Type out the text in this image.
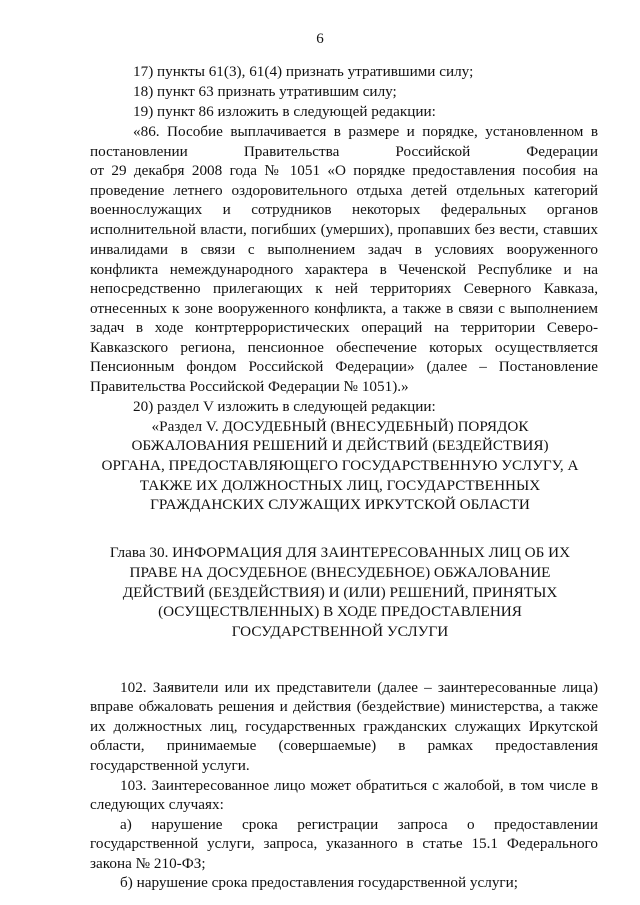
6
17) пункты 61(3), 61(4) признать утратившими силу;
18) пункт 63 признать утратившим силу;
19) пункт 86 изложить в следующей редакции:
«86. Пособие выплачивается в размере и порядке, установленном в
постановлении Правительства Российской Федерации
от 29 декабря 2008 года № 1051 «О порядке предоставления пособия на
проведение летнего оздоровительного отдыха детей отдельных категорий
военнослужащих и сотрудников некоторых федеральных органов
исполнительной власти, погибших (умерших), пропавших без вести, ставших
инвалидами в связи с выполнением задач в условиях вооруженного
конфликта немеждународного характера в Чеченской Республике и на
непосредственно прилегающих к ней территориях Северного Кавказа,
отнесенных к зоне вооруженного конфликта, а также в связи с выполнением
задач в ходе контртеррористических операций на территории Северо-
Кавказского региона, пенсионное обеспечение которых осуществляется
Пенсионным фондом Российской Федерации» (далее – Постановление
Правительства Российской Федерации № 1051).»
20) раздел V изложить в следующей редакции:
«Раздел V. ДОСУДЕБНЫЙ (ВНЕСУДЕБНЫЙ) ПОРЯДОК
ОБЖАЛОВАНИЯ РЕШЕНИЙ И ДЕЙСТВИЙ (БЕЗДЕЙСТВИЯ)
ОРГАНА, ПРЕДОСТАВЛЯЮЩЕГО ГОСУДАРСТВЕННУЮ УСЛУГУ, А
ТАКЖЕ ИХ ДОЛЖНОСТНЫХ ЛИЦ, ГОСУДАРСТВЕННЫХ
ГРАЖДАНСКИХ СЛУЖАЩИХ ИРКУТСКОЙ ОБЛАСТИ
Глава 30. ИНФОРМАЦИЯ ДЛЯ ЗАИНТЕРЕСОВАННЫХ ЛИЦ ОБ ИХ
ПРАВЕ НА ДОСУДЕБНОЕ (ВНЕСУДЕБНОЕ) ОБЖАЛОВАНИЕ
ДЕЙСТВИЙ (БЕЗДЕЙСТВИЯ) И (ИЛИ) РЕШЕНИЙ, ПРИНЯТЫХ
(ОСУЩЕСТВЛЕННЫХ) В ХОДЕ ПРЕДОСТАВЛЕНИЯ
ГОСУДАРСТВЕННОЙ УСЛУГИ
102. Заявители или их представители (далее – заинтересованные лица)
вправе обжаловать решения и действия (бездействие) министерства, а также
их должностных лиц, государственных гражданских служащих Иркутской
области, принимаемые (совершаемые) в рамках предоставления
государственной услуги.
103. Заинтересованное лицо может обратиться с жалобой, в том числе в
следующих случаях:
а) нарушение срока регистрации запроса о предоставлении
государственной услуги, запроса, указанного в статье 15.1 Федерального
закона № 210-ФЗ;
б) нарушение срока предоставления государственной услуги;
